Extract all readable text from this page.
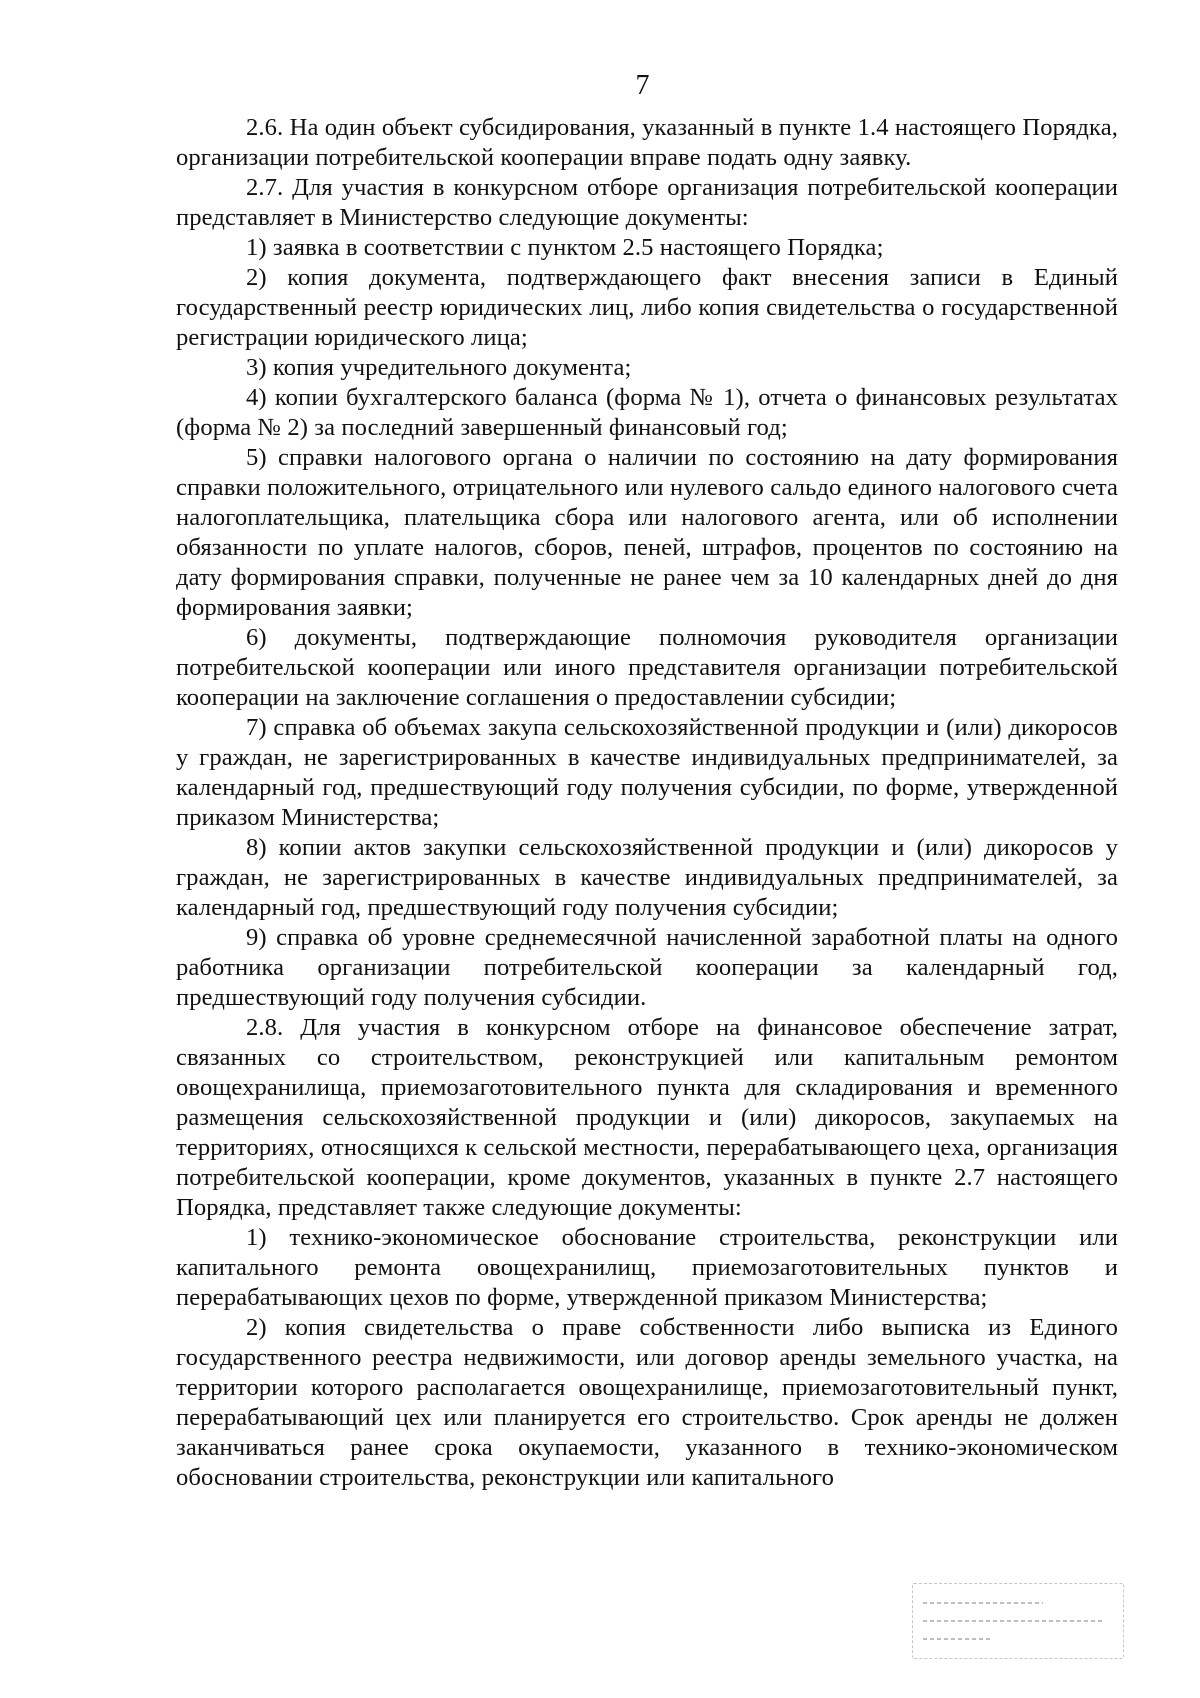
7

2.6. На один объект субсидирования, указанный в пункте 1.4 настоящего Порядка, организации потребительской кооперации вправе подать одну заявку.

2.7. Для участия в конкурсном отборе организация потребительской кооперации представляет в Министерство следующие документы:

1) заявка в соответствии с пунктом 2.5 настоящего Порядка;

2) копия документа, подтверждающего факт внесения записи в Единый государственный реестр юридических лиц, либо копия свидетельства о государственной регистрации юридического лица;

3) копия учредительного документа;

4) копии бухгалтерского баланса (форма № 1), отчета о финансовых результатах (форма № 2) за последний завершенный финансовый год;

5) справки налогового органа о наличии по состоянию на дату формирования справки положительного, отрицательного или нулевого сальдо единого налогового счета налогоплательщика, плательщика сбора или налогового агента, или об исполнении обязанности по уплате налогов, сборов, пеней, штрафов, процентов по состоянию на дату формирования справки, полученные не ранее чем за 10 календарных дней до дня формирования заявки;

6) документы, подтверждающие полномочия руководителя организации потребительской кооперации или иного представителя организации потребительской кооперации на заключение соглашения о предоставлении субсидии;

7) справка об объемах закупа сельскохозяйственной продукции и (или) дикоросов у граждан, не зарегистрированных в качестве индивидуальных предпринимателей, за календарный год, предшествующий году получения субсидии, по форме, утвержденной приказом Министерства;

8) копии актов закупки сельскохозяйственной продукции и (или) дикоросов у граждан, не зарегистрированных в качестве индивидуальных предпринимателей, за календарный год, предшествующий году получения субсидии;

9) справка об уровне среднемесячной начисленной заработной платы на одного работника организации потребительской кооперации за календарный год, предшествующий году получения субсидии.

2.8. Для участия в конкурсном отборе на финансовое обеспечение затрат, связанных со строительством, реконструкцией или капитальным ремонтом овощехранилища, приемозаготовительного пункта для складирования и временного размещения сельскохозяйственной продукции и (или) дикоросов, закупаемых на территориях, относящихся к сельской местности, перерабатывающего цеха, организация потребительской кооперации, кроме документов, указанных в пункте 2.7 настоящего Порядка, представляет также следующие документы:

1) технико-экономическое обоснование строительства, реконструкции или капитального ремонта овощехранилищ, приемозаготовительных пунктов и перерабатывающих цехов по форме, утвержденной приказом Министерства;

2) копия свидетельства о праве собственности либо выписка из Единого государственного реестра недвижимости, или договор аренды земельного участка, на территории которого располагается овощехранилище, приемозаготовительный пункт, перерабатывающий цех или планируется его строительство. Срок аренды не должен заканчиваться ранее срока окупаемости, указанного в технико-экономическом обосновании строительства, реконструкции или капитального
